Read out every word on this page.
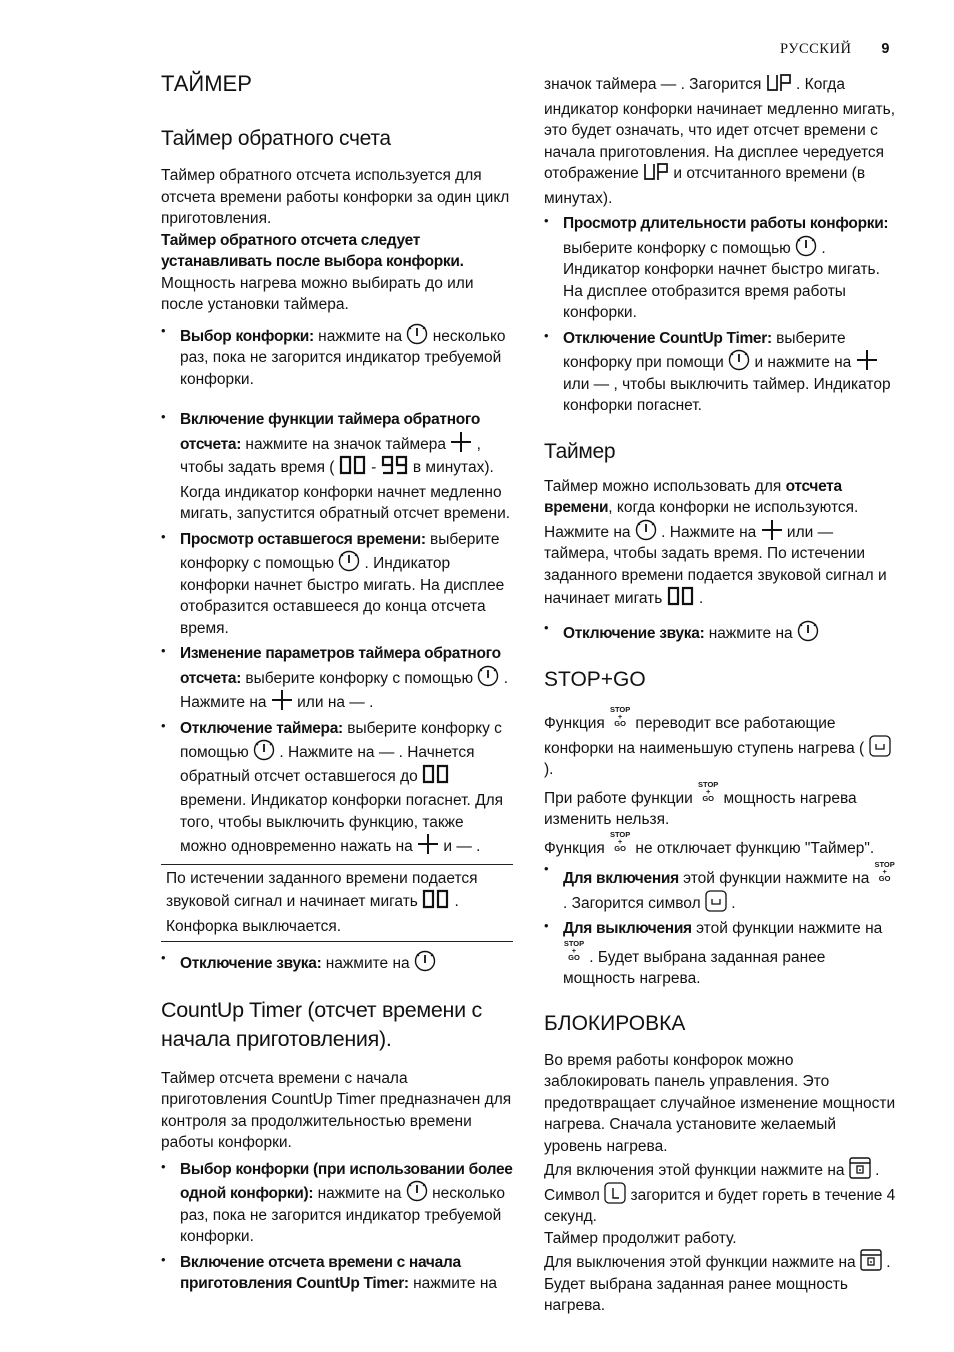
РУССКИЙ 9
ТАЙМЕР
Таймер обратного счета

Таймер обратного отсчета используется для отсчета времени работы конфорки за один цикл приготовления.

Таймер обратного отсчета следует устанавливать после выбора конфорки.

Мощность нагрева можно выбирать до или после установки таймера.

• Выбор конфорки: нажмите на
несколько раз, пока не загорится индикатор требуемой конфорки.
• Включение функции таймера обратного отсчета: нажмите на значок таймера
, чтобы задать время (  -  в минутах). Когда индикатор конфорки начнет медленно мигать, запустится обратный отсчет времени.
• Просмотр оставшегося времени: выберите конфорку с помощью
. Индикатор конфорки начнет быстро мигать. На дисплее отобразится оставшееся до конца отсчета время.
• Изменение параметров таймера обратного отсчета: выберите конфорку с помощью
. Нажмите на
или на — .
• Отключение таймера: выберите конфорку с помощью
. Нажмите на — . Начнется обратный отсчет оставшегося до  времени. Индикатор конфорки погаснет. Для того, чтобы выключить функцию, также можно одновременно нажать на
и — .
По истечении заданного времени подается звуковой сигнал и начинает мигать  . Конфорка выключается.
• Отключение звука: нажмите на
CountUp Timer (отсчет времени с начала приготовления).

Таймер отсчета времени с начала приготовления CountUp Timer предназначен для контроля за продолжительностью времени работы конфорки.

• Выбор конфорки (при использовании более одной конфорки): нажмите на
несколько раз, пока не загорится индикатор требуемой конфорки.
• Включение отсчета времени с начала приготовления CountUp Timer: нажмите на

значок таймера — . Загорится  . Когда индикатор конфорки начинает медленно мигать, это будет означать, что идет отсчет времени с начала приготовления. На дисплее чередуется отображение  и отсчитанного времени (в минутах).

• Просмотр длительности работы конфорки: выберите конфорку с помощью
. Индикатор конфорки начнет быстро мигать. На дисплее отобразится время работы конфорки.
• Отключение CountUp Timer: выберите конфорку при помощи
и нажмите на
или — , чтобы выключить таймер. Индикатор конфорки погаснет.
Таймер

Таймер можно использовать для отсчета времени, когда конфорки не используются. Нажмите на
. Нажмите на
или — таймера, чтобы задать время. По истечении заданного времени подается звуковой сигнал и начинает мигать  .

• Отключение звука: нажмите на
STOP+GO

Функция STOP
+
GO переводит все работающие конфорки на наименьшую ступень нагрева (
).

При работе функции STOP
+
GO мощность нагрева изменить нельзя.

Функция STOP
+
GO не отключает функцию "Таймер".

• Для включения этой функции нажмите на STOP
+
GO . Загорится символ
.
• Для выключения этой функции нажмите на STOP
+
GO . Будет выбрана заданная ранее мощность нагрева.
БЛОКИРОВКА

Во время работы конфорок можно заблокировать панель управления. Это предотвращает случайное изменение мощности нагрева. Сначала установите желаемый уровень нагрева.

Для включения этой функции нажмите на
.

Символ
загорится и будет гореть в течение 4 секунд.

Таймер продолжит работу.

Для выключения этой функции нажмите на
. Будет выбрана заданная ранее мощность нагрева.
